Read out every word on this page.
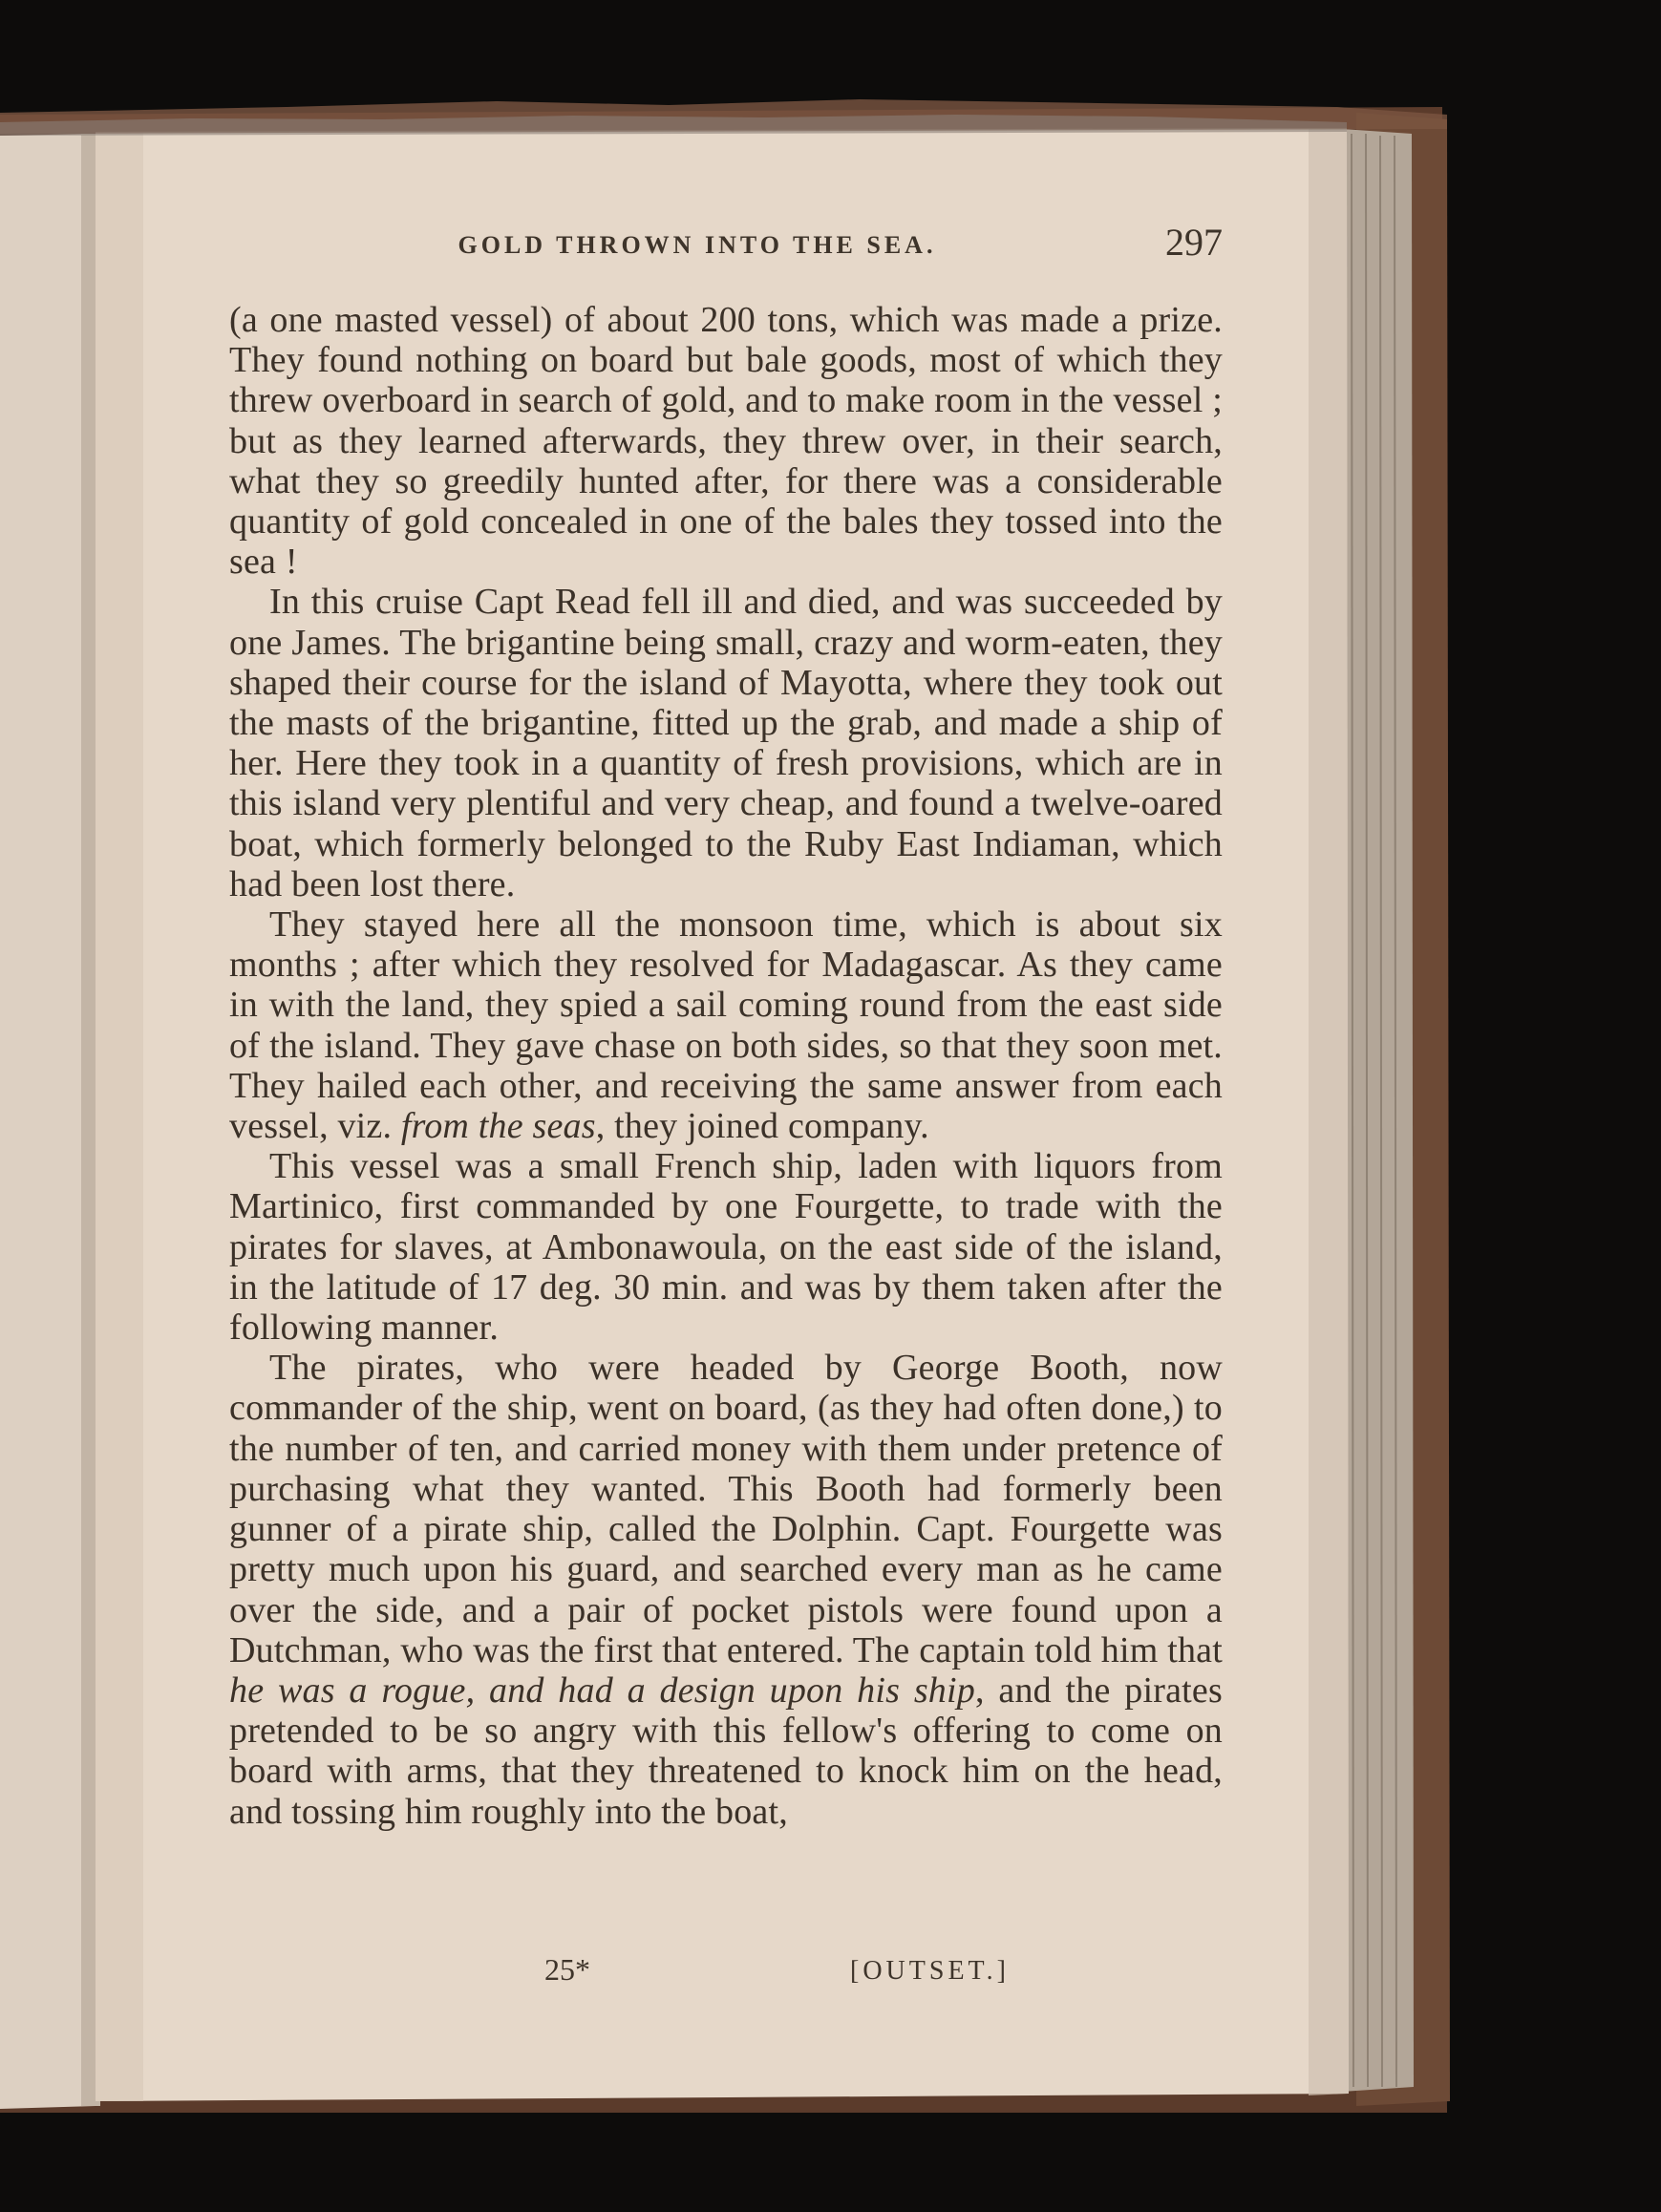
GOLD THROWN INTO THE SEA.	297

(a one masted vessel) of about 200 tons, which was made a prize. They found nothing on board but bale goods, most of which they threw overboard in search of gold, and to make room in the vessel ; but as they learned afterwards, they threw over, in their search, what they so greedily hunted after, for there was a considerable quantity of gold concealed in one of the bales they tossed into the sea !

In this cruise Capt Read fell ill and died, and was succeeded by one James. The brigantine being small, crazy and worm-eaten, they shaped their course for the island of Mayotta, where they took out the masts of the brigantine, fitted up the grab, and made a ship of her. Here they took in a quantity of fresh provisions, which are in this island very plentiful and very cheap, and found a twelve-oared boat, which formerly belonged to the Ruby East Indiaman, which had been lost there.

They stayed here all the monsoon time, which is about six months ; after which they resolved for Madagascar. As they came in with the land, they spied a sail coming round from the east side of the island. They gave chase on both sides, so that they soon met. They hailed each other, and receiving the same answer from each vessel, viz. from the seas, they joined company.

This vessel was a small French ship, laden with liquors from Martinico, first commanded by one Fourgette, to trade with the pirates for slaves, at Ambonawoula, on the east side of the island, in the latitude of 17 deg. 30 min. and was by them taken after the following manner.

The pirates, who were headed by George Booth, now commander of the ship, went on board, (as they had often done,) to the number of ten, and carried money with them under pretence of purchasing what they wanted. This Booth had formerly been gunner of a pirate ship, called the Dolphin. Capt. Fourgette was pretty much upon his guard, and searched every man as he came over the side, and a pair of pocket pistols were found upon a Dutchman, who was the first that entered. The captain told him that he was a rogue, and had a design upon his ship, and the pirates pretended to be so angry with this fellow's offering to come on board with arms, that they threatened to knock him on the head, and tossing him roughly into the boat,

25*	[OUTSET.]
